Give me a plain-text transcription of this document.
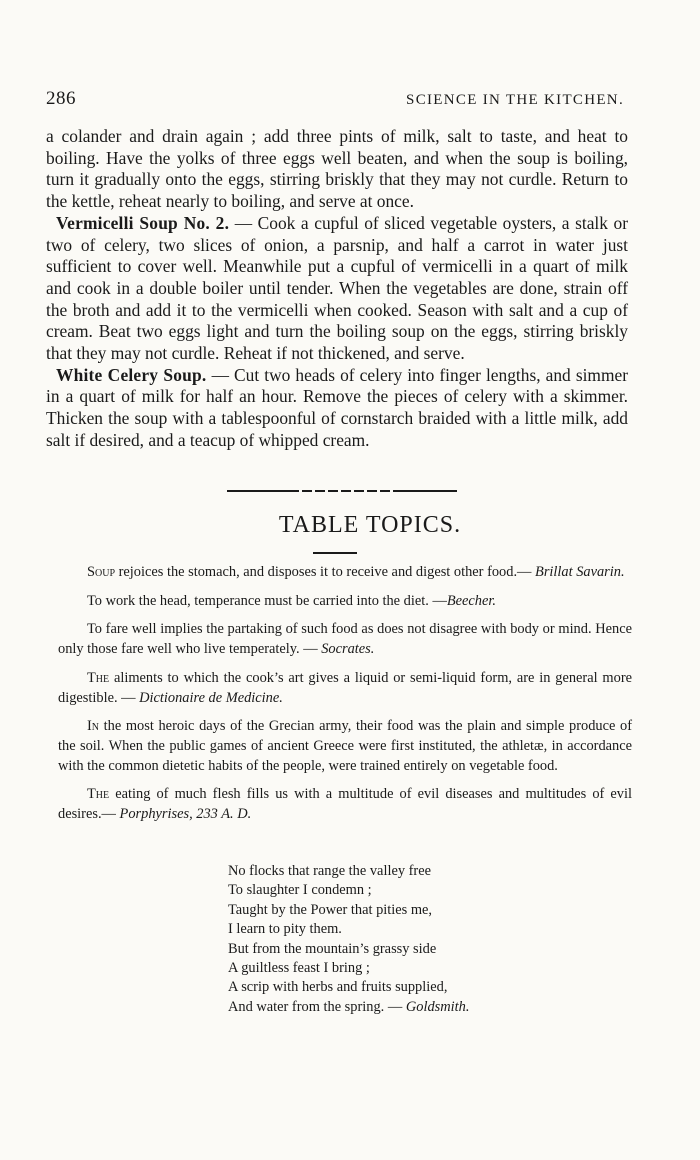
286	SCIENCE IN THE KITCHEN.

a colander and drain again ; add three pints of milk, salt to taste, and heat to boiling. Have the yolks of three eggs well beaten, and when the soup is boiling, turn it gradually onto the eggs, stirring briskly that they may not curdle. Return to the kettle, reheat nearly to boiling, and serve at once.

Vermicelli Soup No. 2. — Cook a cupful of sliced vegetable oysters, a stalk or two of celery, two slices of onion, a parsnip, and half a carrot in water just sufficient to cover well. Meanwhile put a cupful of vermicelli in a quart of milk and cook in a double boiler until tender. When the vegetables are done, strain off the broth and add it to the vermicelli when cooked. Season with salt and a cup of cream. Beat two eggs light and turn the boiling soup on the eggs, stirring briskly that they may not curdle. Reheat if not thickened, and serve.

White Celery Soup. — Cut two heads of celery into finger lengths, and simmer in a quart of milk for half an hour. Remove the pieces of celery with a skimmer. Thicken the soup with a tablespoonful of cornstarch braided with a little milk, add salt if desired, and a teacup of whipped cream.

TABLE TOPICS.

Soup rejoices the stomach, and disposes it to receive and digest other food.— Brillat Savarin.

To work the head, temperance must be carried into the diet. —Beecher.

To fare well implies the partaking of such food as does not disagree with body or mind. Hence only those fare well who live temperately. — Socrates.

The aliments to which the cook’s art gives a liquid or semi-liquid form, are in general more digestible. — Dictionaire de Medicine.

In the most heroic days of the Grecian army, their food was the plain and simple produce of the soil. When the public games of ancient Greece were first instituted, the athletæ, in accordance with the common dietetic habits of the people, were trained entirely on vegetable food.

The eating of much flesh fills us with a multitude of evil diseases and multitudes of evil desires.— Porphyrises, 233 A. D.

No flocks that range the valley free
To slaughter I condemn ;
Taught by the Power that pities me,
I learn to pity them.
But from the mountain’s grassy side
A guiltless feast I bring ;
A scrip with herbs and fruits supplied,
And water from the spring. — Goldsmith.
